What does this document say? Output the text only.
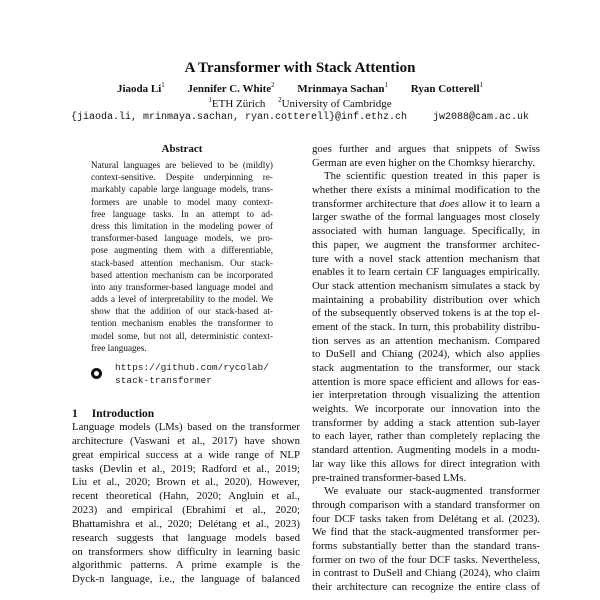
A Transformer with Stack Attention
Jiaoda Li$^1$ Jennifer C. White$^2$ Mrinmaya Sachan$^1$ Ryan Cotterell$^1$
$^1$ETH Zürich $^2$University of Cambridge
{jiaoda.li, mrinmaya.sachan, ryan.cotterell}@inf.ethz.ch	jw2088@cam.ac.uk
Abstract
Natural languages are believed to be (mildly)
context-sensitive. Despite underpinning re-
markably capable large language models, trans-
formers are unable to model many context-
free language tasks. In an attempt to ad-
dress this limitation in the modeling power of
transformer-based language models, we pro-
pose augmenting them with a differentiable,
stack-based attention mechanism. Our stack-
based attention mechanism can be incorporated
into any transformer-based language model and
adds a level of interpretability to the model. We
show that the addition of our stack-based at-
tention mechanism enables the transformer to
model some, but not all, deterministic context-
free languages.
https://github.com/rycolab/
stack-transformer
1 Introduction
Language models (LMs) based on the transformer
architecture (Vaswani et al., 2017) have shown
great empirical success at a wide range of NLP
tasks (Devlin et al., 2019; Radford et al., 2019;
Liu et al., 2020; Brown et al., 2020). However,
recent theoretical (Hahn, 2020; Angluin et al.,
2023) and empirical (Ebrahimi et al., 2020;
Bhattamishra et al., 2020; Delétang et al., 2023)
research suggests that language models based
on transformers show difficulty in learning basic
algorithmic patterns. A prime example is the
Dyck-n language, i.e., the language of balanced
goes further and argues that snippets of Swiss
German are even higher on the Chomksy hierarchy.
The scientific question treated in this paper is
whether there exists a minimal modification to the
transformer architecture that does allow it to learn a
larger swathe of the formal languages most closely
associated with human language. Specifically, in
this paper, we augment the transformer architec-
ture with a novel stack attention mechanism that
enables it to learn certain CF languages empirically.
Our stack attention mechanism simulates a stack by
maintaining a probability distribution over which
of the subsequently observed tokens is at the top el-
ement of the stack. In turn, this probability distribu-
tion serves as an attention mechanism. Compared
to DuSell and Chiang (2024), which also applies
stack augmentation to the transformer, our stack
attention is more space efficient and allows for eas-
ier interpretation through visualizing the attention
weights. We incorporate our innovation into the
transformer by adding a stack attention sub-layer
to each layer, rather than completely replacing the
standard attention. Augmenting models in a modu-
lar way like this allows for direct integration with
pre-trained transformer-based LMs.
We evaluate our stack-augmented transformer
through comparison with a standard transformer on
four DCF tasks taken from Delétang et al. (2023).
We find that the stack-augmented transformer per-
forms substantially better than the standard trans-
former on two of the four DCF tasks. Nevertheless,
in contrast to DuSell and Chiang (2024), who claim
their architecture can recognize the entire class of
